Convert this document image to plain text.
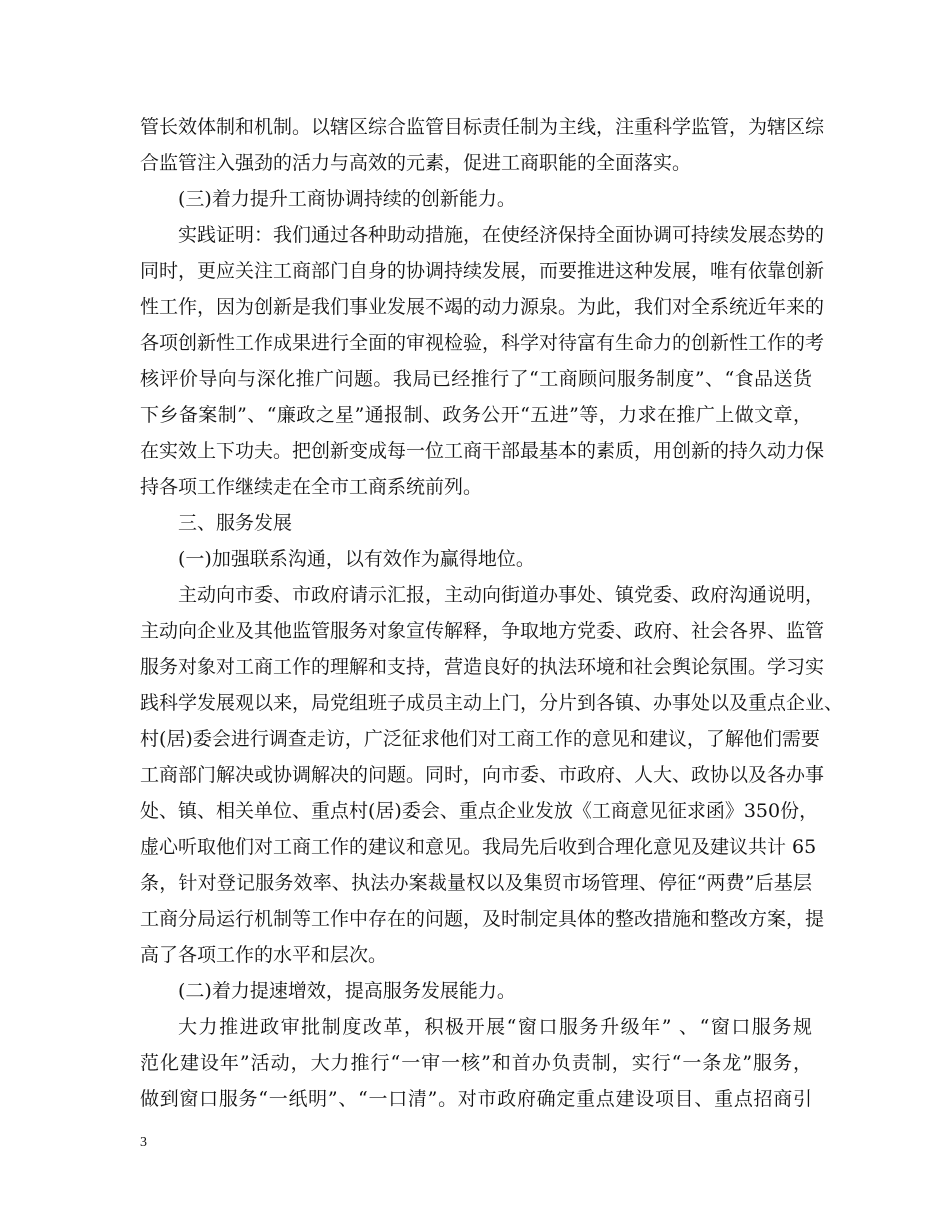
管长效体制和机制。以辖区综合监管目标责任制为主线，注重科学监管，为辖区综
合监管注入强劲的活力与高效的元素，促进工商职能的全面落实。
(三)着力提升工商协调持续的创新能力。
实践证明：我们通过各种助动措施，在使经济保持全面协调可持续发展态势的
同时，更应关注工商部门自身的协调持续发展，而要推进这种发展，唯有依靠创新
性工作，因为创新是我们事业发展不竭的动力源泉。为此，我们对全系统近年来的
各项创新性工作成果进行全面的审视检验，科学对待富有生命力的创新性工作的考
核评价导向与深化推广问题。我局已经推行了“工商顾问服务制度”、“食品送货
下乡备案制”、“廉政之星”通报制、政务公开“五进”等，力求在推广上做文章，
在实效上下功夫。把创新变成每一位工商干部最基本的素质，用创新的持久动力保
持各项工作继续走在全市工商系统前列。
三、服务发展
(一)加强联系沟通，以有效作为赢得地位。
主动向市委、市政府请示汇报，主动向街道办事处、镇党委、政府沟通说明，
主动向企业及其他监管服务对象宣传解释，争取地方党委、政府、社会各界、监管
服务对象对工商工作的理解和支持，营造良好的执法环境和社会舆论氛围。学习实
践科学发展观以来，局党组班子成员主动上门，分片到各镇、办事处以及重点企业、
村(居)委会进行调查走访，广泛征求他们对工商工作的意见和建议，了解他们需要
工商部门解决或协调解决的问题。同时，向市委、市政府、人大、政协以及各办事
处、镇、相关单位、重点村(居)委会、重点企业发放《工商意见征求函》350份，
虚心听取他们对工商工作的建议和意见。我局先后收到合理化意见及建议共计 65
条，针对登记服务效率、执法办案裁量权以及集贸市场管理、停征“两费”后基层
工商分局运行机制等工作中存在的问题，及时制定具体的整改措施和整改方案，提
高了各项工作的水平和层次。
(二)着力提速增效，提高服务发展能力。
大力推进政审批制度改革，积极开展“窗口服务升级年” 、“窗口服务规
范化建设年”活动，大力推行“一审一核”和首办负责制，实行“一条龙”服务，
做到窗口服务“一纸明”、“一口清”。对市政府确定重点建设项目、重点招商引
3
